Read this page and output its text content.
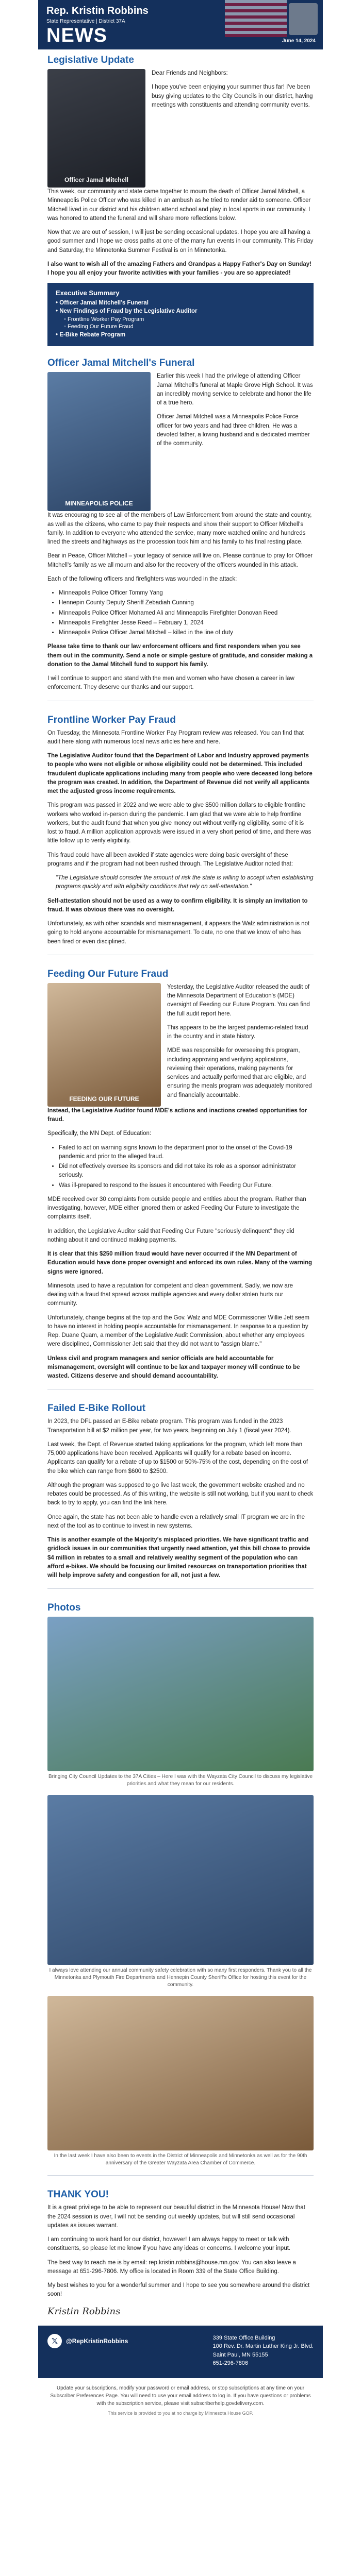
Rep. Kristin Robbins
State Representative | District 37A
NEWS	June 14, 2024
Legislative Update
Officer Jamal Mitchell

Dear Friends and Neighbors:

I hope you've been enjoying your summer thus far! I've been busy giving updates to the City Councils in our district, having meetings with constituents and attending community events.

This week, our community and state came together to mourn the death of Officer Jamal Mitchell, a Minneapolis Police Officer who was killed in an ambush as he tried to render aid to someone. Officer Mitchell lived in our district and his children attend school and play in local sports in our community. I was honored to attend the funeral and will share more reflections below.

Now that we are out of session, I will just be sending occasional updates. I hope you are all having a good summer and I hope we cross paths at one of the many fun events in our community. This Friday and Saturday, the Minnetonka Summer Festival is on in Minnetonka.

I also want to wish all of the amazing Fathers and Grandpas a Happy Father's Day on Sunday! I hope you all enjoy your favorite activities with your families - you are so appreciated!

Executive Summary
• Officer Jamal Mitchell's Funeral
• New Findings of Fraud by the Legislative Auditor
◦ Frontline Worker Pay Program
◦ Feeding Our Future Fraud
• E-Bike Rebate Program
Officer Jamal Mitchell's Funeral
MINNEAPOLIS POLICE

Earlier this week I had the privilege of attending Officer Jamal Mitchell's funeral at Maple Grove High School. It was an incredibly moving service to celebrate and honor the life of a true hero.

Officer Jamal Mitchell was a Minneapolis Police Force officer for two years and had three children. He was a devoted father, a loving husband and a dedicated member of the community.

It was encouraging to see all of the members of Law Enforcement from around the state and country, as well as the citizens, who came to pay their respects and show their support to Officer Mitchell's family. In addition to everyone who attended the service, many more watched online and hundreds lined the streets and highways as the procession took him and his family to his final resting place.

Bear in Peace, Officer Mitchell – your legacy of service will live on. Please continue to pray for Officer Mitchell's family as we all mourn and also for the recovery of the officers wounded in this attack.

Each of the following officers and firefighters was wounded in the attack:

• Minneapolis Police Officer Tommy Yang
• Hennepin County Deputy Sheriff Zebadiah Cunning
• Minneapolis Police Officer Mohamed Ali and Minneapolis Firefighter Donovan Reed
• Minneapolis Firefighter Jesse Reed – February 1, 2024
• Minneapolis Police Officer Jamal Mitchell – killed in the line of duty

Please take time to thank our law enforcement officers and first responders when you see them out in the community. Send a note or simple gesture of gratitude, and consider making a donation to the Jamal Mitchell fund to support his family.

I will continue to support and stand with the men and women who have chosen a career in law enforcement. They deserve our thanks and our support.

Frontline Worker Pay Fraud

On Tuesday, the Minnesota Frontline Worker Pay Program review was released. You can find that audit here along with numerous local news articles here and here.

The Legislative Auditor found that the Department of Labor and Industry approved payments to people who were not eligible or whose eligibility could not be determined. This included fraudulent duplicate applications including many from people who were deceased long before the program was created. In addition, the Department of Revenue did not verify all applicants met the adjusted gross income requirements.

This program was passed in 2022 and we were able to give $500 million dollars to eligible frontline workers who worked in-person during the pandemic. I am glad that we were able to help frontline workers, but the audit found that when you give money out without verifying eligibility, some of it is lost to fraud. A million application approvals were issued in a very short period of time, and there was little follow up to verify eligibility.

This fraud could have all been avoided if state agencies were doing basic oversight of these programs and if the program had not been rushed through. The Legislative Auditor noted that:

"The Legislature should consider the amount of risk the state is willing to accept when establishing programs quickly and with eligibility conditions that rely on self-attestation."

Self-attestation should not be used as a way to confirm eligibility. It is simply an invitation to fraud. It was obvious there was no oversight.

Unfortunately, as with other scandals and mismanagement, it appears the Walz administration is not going to hold anyone accountable for mismanagement. To date, no one that we know of who has been fired or even disciplined.

Feeding Our Future Fraud
FEEDING OUR FUTURE

Yesterday, the Legislative Auditor released the audit of the Minnesota Department of Education's (MDE) oversight of Feeding our Future Program. You can find the full audit report here.

This appears to be the largest pandemic-related fraud in the country and in state history.

MDE was responsible for overseeing this program, including approving and verifying applications, reviewing their operations, making payments for services and actually performed that are eligible, and ensuring the meals program was adequately monitored and financially accountable.

Instead, the Legislative Auditor found MDE's actions and inactions created opportunities for fraud.

Specifically, the MN Dept. of Education:

• Failed to act on warning signs known to the department prior to the onset of the Covid-19 pandemic and prior to the alleged fraud.
• Did not effectively oversee its sponsors and did not take its role as a sponsor administrator seriously.
• Was ill-prepared to respond to the issues it encountered with Feeding Our Future.

MDE received over 30 complaints from outside people and entities about the program. Rather than investigating, however, MDE either ignored them or asked Feeding Our Future to investigate the complaints itself.

In addition, the Legislative Auditor said that Feeding Our Future "seriously delinquent" they did nothing about it and continued making payments.

It is clear that this $250 million fraud would have never occurred if the MN Department of Education would have done proper oversight and enforced its own rules. Many of the warning signs were ignored.

Minnesota used to have a reputation for competent and clean government. Sadly, we now are dealing with a fraud that spread across multiple agencies and every dollar stolen hurts our community.

Unfortunately, change begins at the top and the Gov. Walz and MDE Commissioner Willie Jett seem to have no interest in holding people accountable for mismanagement. In response to a question by Rep. Duane Quam, a member of the Legislative Audit Commission, about whether any employees were disciplined, Commissioner Jett said that they did not want to "assign blame."

Unless civil and program managers and senior officials are held accountable for mismanagement, oversight will continue to be lax and taxpayer money will continue to be wasted. Citizens deserve and should demand accountability.

Failed E-Bike Rollout

In 2023, the DFL passed an E-Bike rebate program. This program was funded in the 2023 Transportation bill at $2 million per year, for two years, beginning on July 1 (fiscal year 2024).

Last week, the Dept. of Revenue started taking applications for the program, which left more than 75,000 applications have been received. Applicants will qualify for a rebate based on income. Applicants can qualify for a rebate of up to $1500 or 50%-75% of the cost, depending on the cost of the bike which can range from $600 to $2500.

Although the program was supposed to go live last week, the government website crashed and no rebates could be processed. As of this writing, the website is still not working, but if you want to check back to try to apply, you can find the link here.

Once again, the state has not been able to handle even a relatively small IT program we are in the next of the tool as to continue to invest in new systems.

This is another example of the Majority's misplaced priorities. We have significant traffic and gridlock issues in our communities that urgently need attention, yet this bill chose to provide $4 million in rebates to a small and relatively wealthy segment of the population who can afford e-bikes. We should be focusing our limited resources on transportation priorities that will help improve safety and congestion for all, not just a few.

Photos

Bringing City Council Updates to the 37A Cities – Here I was with the Wayzata City Council to discuss my legislative priorities and what they mean for our residents.

I always love attending our annual community safety celebration with so many first responders. Thank you to all the Minnetonka and Plymouth Fire Departments and Hennepin County Sheriff's Office for hosting this event for the community.

In the last week I have also been to events in the District of Minneapolis and Minnetonka as well as for the 90th anniversary of the Greater Wayzata Area Chamber of Commerce.

THANK YOU!

It is a great privilege to be able to represent our beautiful district in the Minnesota House! Now that the 2024 session is over, I will not be sending out weekly updates, but will still send occasional updates as issues warrant.

I am continuing to work hard for our district, however! I am always happy to meet or talk with constituents, so please let me know if you have any ideas or concerns. I welcome your input.

The best way to reach me is by email: rep.kristin.robbins@house.mn.gov. You can also leave a message at 651-296-7806. My office is located in Room 339 of the State Office Building.

My best wishes to you for a wonderful summer and I hope to see you somewhere around the district soon!

Kristin Robbins

𝕏	@RepKristinRobbins	339 State Office Building
100 Rev. Dr. Martin Luther King Jr. Blvd.
Saint Paul, MN 55155
651-296-7806
Update your subscriptions, modify your password or email address, or stop subscriptions at any time on your Subscriber Preferences Page. You will need to use your email address to log in. If you have questions or problems with the subscription service, please visit subscriberhelp.govdelivery.com.
This service is provided to you at no charge by Minnesota House GOP.
